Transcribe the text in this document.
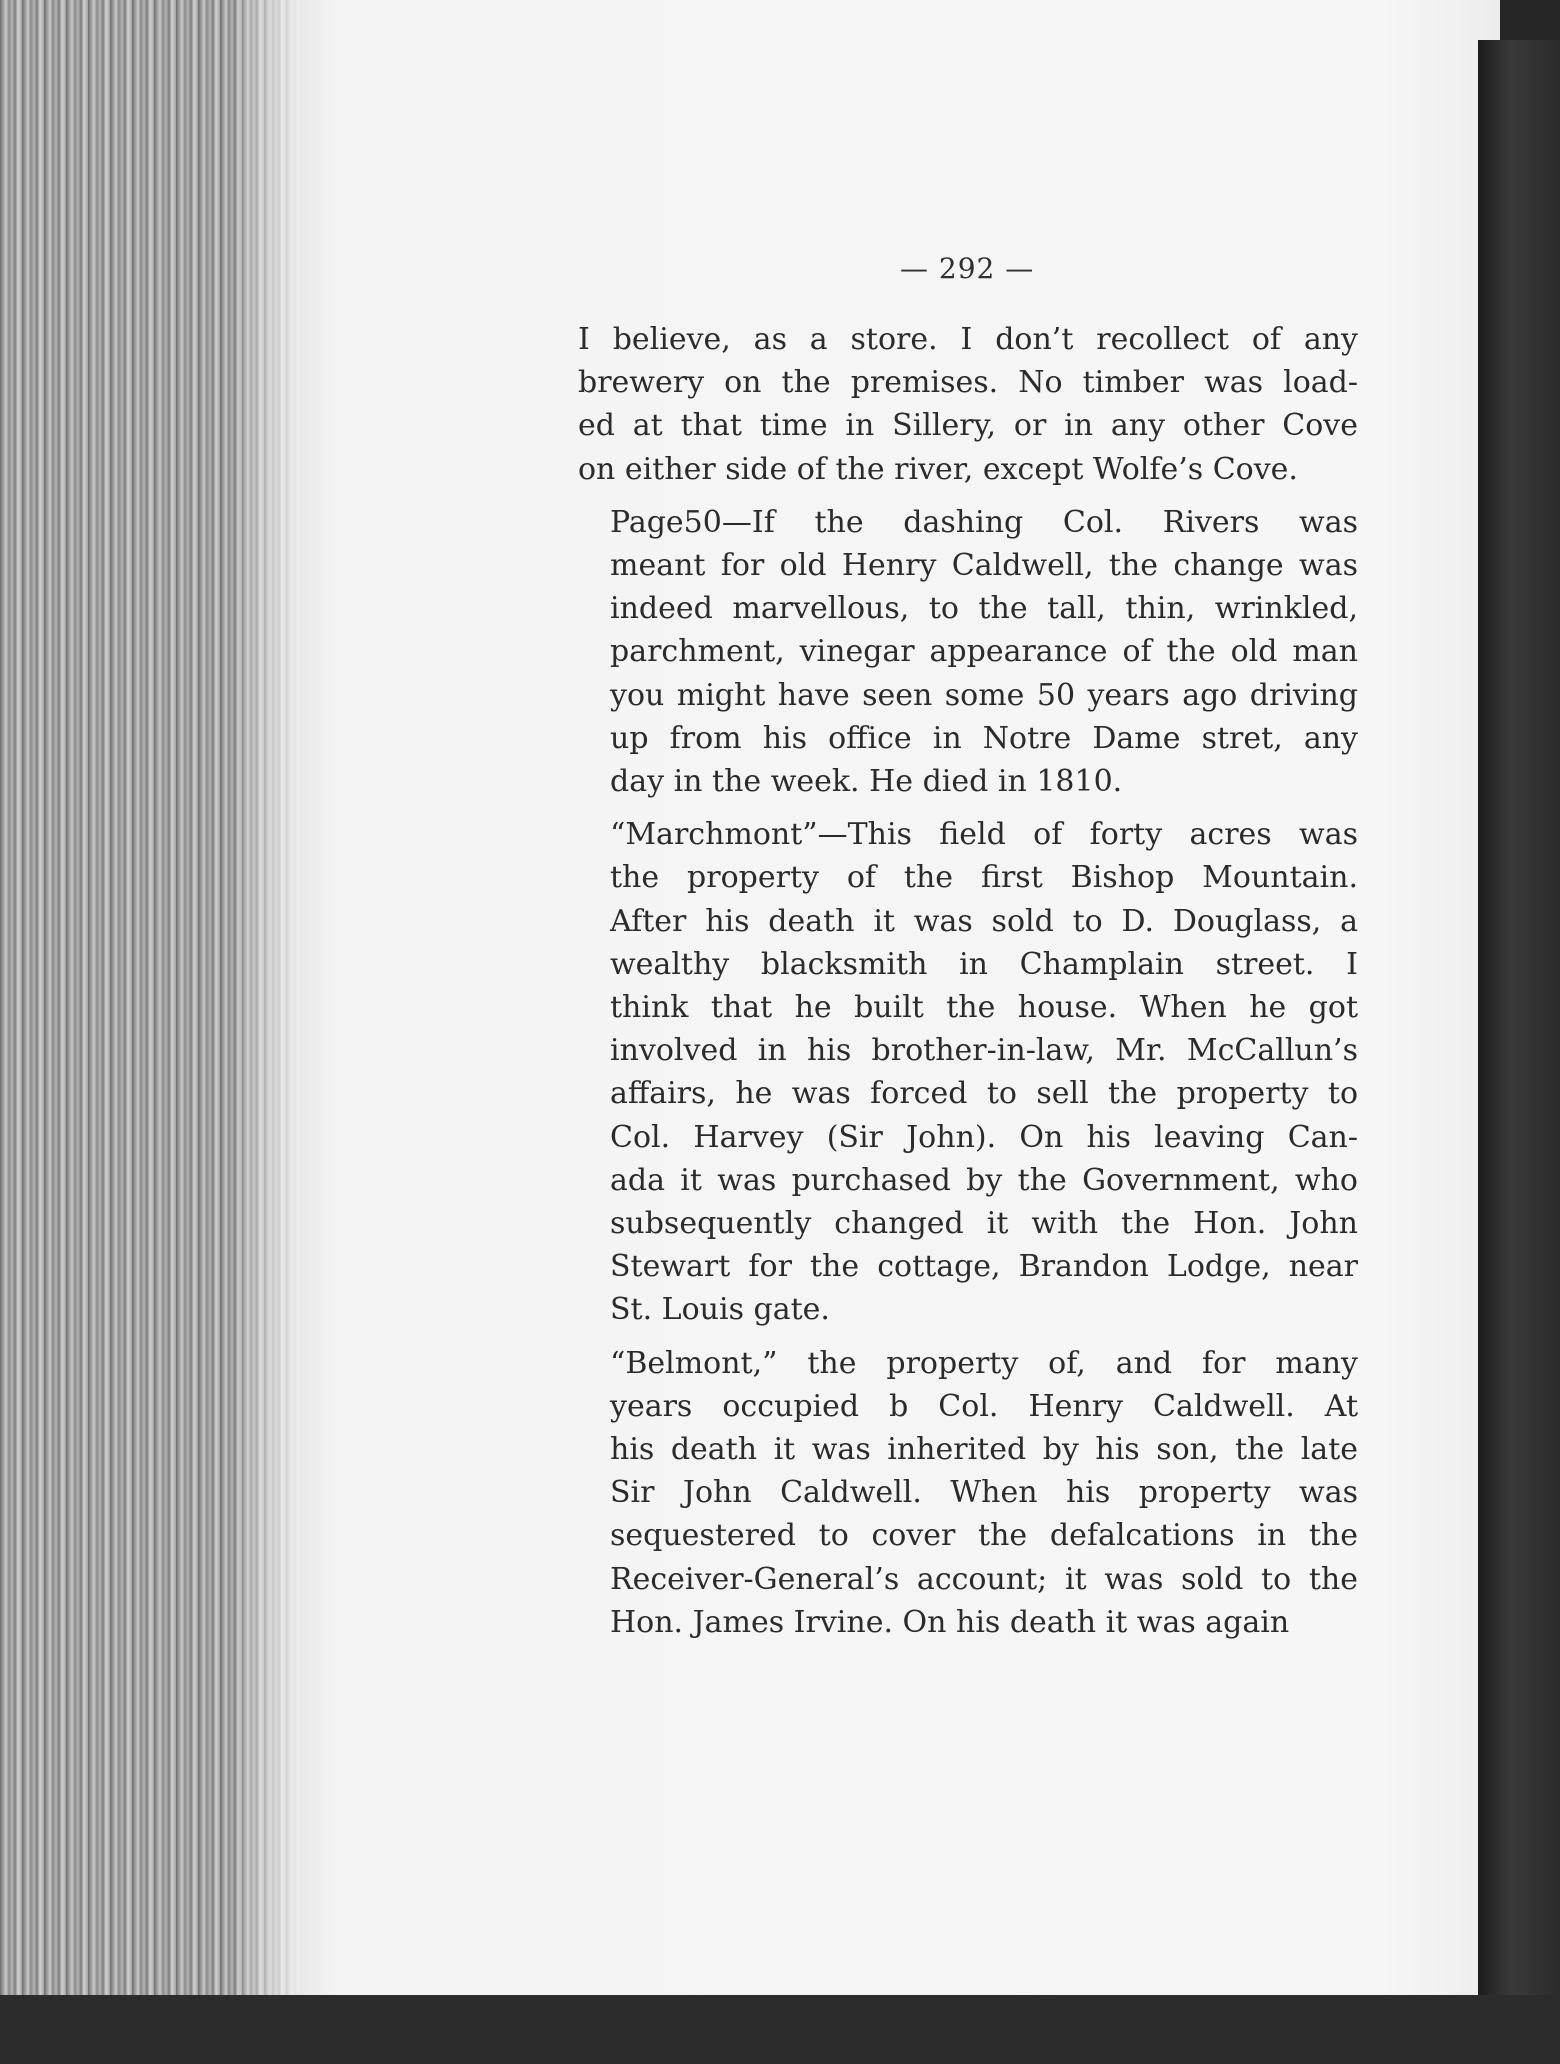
— 292 —

I believe, as a store. I don’t recollect of any
brewery on the premises. No timber was load-
ed at that time in Sillery, or in any other Cove
on either side of the river, except Wolfe’s Cove.

Page50—If the dashing Col. Rivers was
meant for old Henry Caldwell, the change was
indeed marvellous, to the tall, thin, wrinkled,
parchment, vinegar appearance of the old man
you might have seen some 50 years ago driving
up from his office in Notre Dame stret, any
day in the week. He died in 1810.

“Marchmont”—This field of forty acres was
the property of the first Bishop Mountain.
After his death it was sold to D. Douglass, a
wealthy blacksmith in Champlain street. I
think that he built the house. When he got
involved in his brother-in-law, Mr. McCallun’s
affairs, he was forced to sell the property to
Col. Harvey (Sir John). On his leaving Can-
ada it was purchased by the Government, who
subsequently changed it with the Hon. John
Stewart for the cottage, Brandon Lodge, near
St. Louis gate.

“Belmont,” the property of, and for many
years occupied b Col. Henry Caldwell. At
his death it was inherited by his son, the late
Sir John Caldwell. When his property was
sequestered to cover the defalcations in the
Receiver-General’s account; it was sold to the
Hon. James Irvine. On his death it was again
